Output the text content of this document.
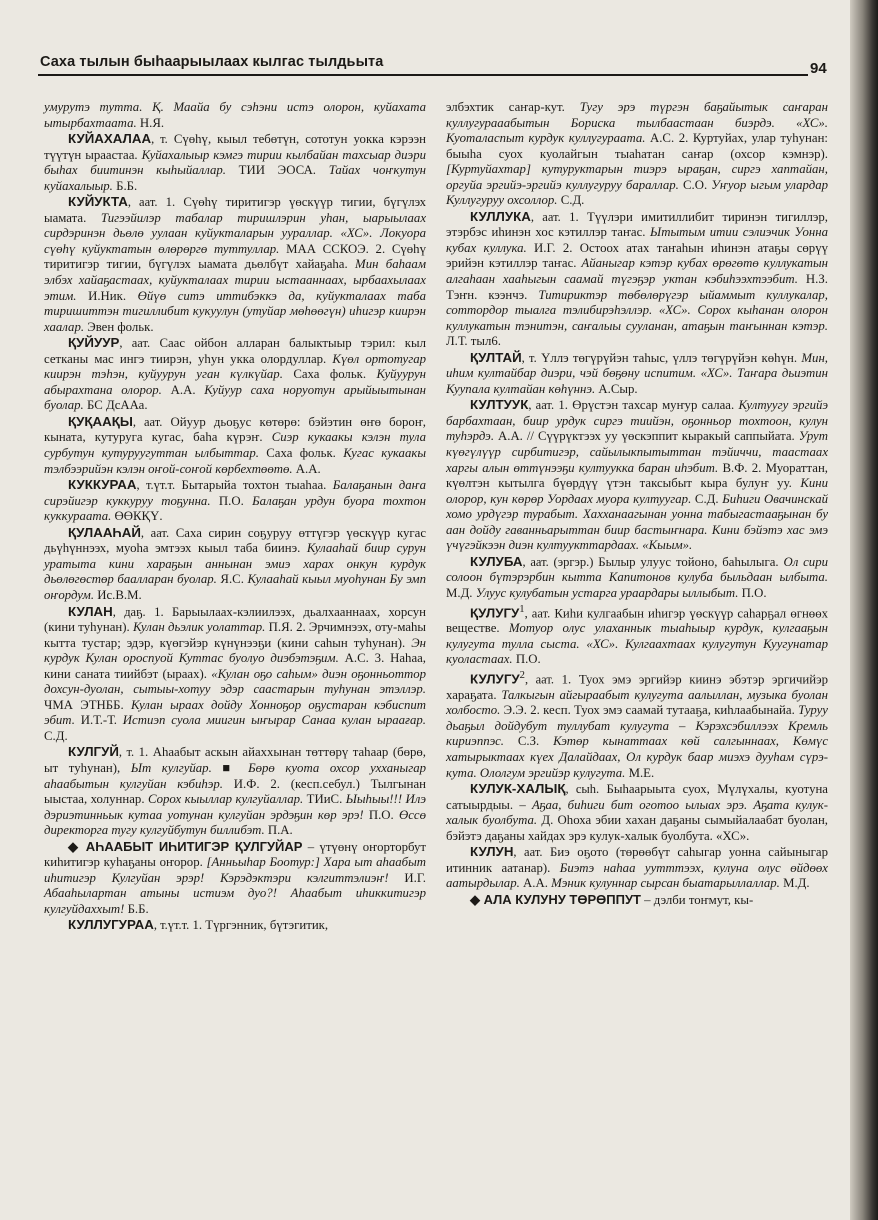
Саха тылын быһаарыылаах кылгас тылдьыта	94

умурутэ тутта. Қ. Маайа бу сэһэни истэ олорон, куйахата ытырбахтаата. Н.Я.

КУЙАХАЛАА, т. Сүөһү, кыыл тебөтүн, сототун уокка кэрээн түүтүн ыраастаа. Куйахалыыр кэмгэ тирии кылбайан тахсыар диэри быһах биитинэн кыһыйаллар. ТИИ ЭОСА. Тайах чоҥкутун куйахалыыр. Б.Б.

КУЙУКТА, аат. 1. Сүөһү тиритигэр үөскүүр тигии, бүгүлэх ыамата. Тигээйилэр табалар тиришлэрин уһан, ыарыылаах сирдэринэн дьөлө уулаан куйукталарын уураллар. «ХС». Локуора сүөһү куйуктатын өлөрөргө туттуллар. МАА ССКОЭ. 2. Сүөһү тиритигэр тигии, бүгүлэх ыамата дьөлбүт хайаҕаһа. Мин баһаам элбэх хайаҕастаах, куйукталаах тирии ыстааннаах, ырбаахылаах этим. И.Ник. Өйүө ситэ иттибэккэ да, куйукталаах таба тиришиттэн тигиллибит кукуулун (утуйар мөһөөгүн) иһигэр киирэн хаалар. Эвен фольк.

ҚУЙУУР, аат. Саас ойбон алларан балыктыыр тэрил: кыл сетканы мас ингэ тиирэн, уһун укка олордуллар. Күөл ортотугар киирэн тэһэн, куйуурун уган күлкүйар. Саха фольк. Куйуурун абырахтана олорор. А.А. Куйуур саха норуотун арыйыытынан буолар. БС ДсААа.

ҚУҚААҚЫ, аат. Ойуур дьоҕус көтөрө: бэйэтин өҥө бороҥ, кыната, кутуруга кугас, баһа күрэҥ. Сиэр кукаакы кэлэн тула сурбутун кутуруугуттан ылбыттар. Саха фольк. Кугас кукаакы тэлбээрийэн кэлэн оҥой-соҥой көрбехтөөтө. А.А.

КУККУРАА, т.үт.т. Бытарыйа тохтон тыаһаа. Балаҕанын даҥа сирэйигэр куккуруу тоҕунна. П.О. Балаҕан урдун буора тохтон куккураата. ӨӨКҚҮ.

ҚУЛААҺАЙ, аат. Саха сирин соҕуруу өттүгэр үөскүүр кугас дьүһүннээх, муоһа эмтээх кыыл таба биинэ. Кулааһай биир сурун уратыта кини хараҕын аннынан эмиэ харах онкун курдук дьөлөгөстөр баалларан буолар. Я.С. Кулааһай кыыл муоһунан Бу эмп оҥордум. Ис.В.М.

КУЛАН, даҕ. 1. Барыылаах-кэлиилээх, дьалхааннаах, хорсун (кини туһунан). Кулан дьэлик уолаттар. П.Я. 2. Эрчимнээх, оту-маһы кытта тустар; эдэр, күөгэйэр күнүнээҕи (кини саһын туһунан). Эн курдук Кулан ороспуой Куттас буолуо диэбэтэҕим. А.С. 3. Наһаа, кини саната тиийбэт (ыраах). «Кулан оҕо саһым» диэн оҕонньоттор дохсун-дуолан, сытыы-хотуу эдэр саастарын туһунан этэллэр. ЧМА ЭТНББ. Кулан ыраах дойду Хонноҕор оҕустаран кэбиспит эбит. И.Т.-Т. Истиэп суола миигин ыҥырар Санаа кулан ыраағар. С.Д.

КУЛГУЙ, т. 1. Аһаабыт аскын айаххынан төттөрү таһаар (бөрө, ыт туһунан), Ыт кулгуйар. ■ Бөрө куота охсор ухханыгар аһаабытын кулгуйан кэбиһэр. И.Ф. 2. (кесп.себул.) Тылгынан ыыстаа, холуннар. Сорох кыыллар кулгуйаллар. ТИиС. Ыыһыы!!! Илэ дэриэтинньык кутаа уотунан кулгуйан эрдэҕин көр эрэ! П.О. Өссө директорга тугу кулгуйбутун биллибэт. П.А.

◆ АҺААБЫТ ИҺИТИГЭР ҚУЛГУЙАР – үтүөнү оҥорторбут киһитигэр куһаҕаны оҥорор. [Анньыһар Боотур:] Хара ыт аһаабыт иһитигэр Кулгуйан эрэр! Кэрэдэктэри кэлгиттэлиэҥ! И.Г. Абааһылартан атыны истиэм дуо?! Аһаабыт иһиккитигэр кулгуйдаххыт! Б.Б.

КУЛЛУГУРАА, т.үт.т. 1. Түргэнник, бүтэгитик,

элбэхтик саҥар-кут. Тугу эрэ түргэн баҕайытык саҥаран куллугурааабытын Бориска тылбаастаан биэрдэ. «ХС». Куоталаспыт курдук куллугураата. А.С. 2. Куртуйах, улар туһунан: быыһа суох куолайгын тыаһатан саҥар (охсор кэмнэр). [Куртуйахтар] кутуруктарын тиэрэ ыраҕан, сиргэ хаптайан, оргуйа эргийэ-эргийэ куллугуруу бараллар. С.О. Уҥуор ыгым улардар Куллугуруу охсоллор. С.Д.

КУЛЛУКА, аат. 1. Түүлэри имитиллибит тиринэн тигиллэр, этэрбэс иһинэн хос кэтиллэр таҥас. Ытытым итии сэлиэчик Уонна кубах куллука. И.Г. 2. Остоох атах таҥаһын иһинэн атаҕы сөрүү эрийэн кэтиллэр таҥас. Айаныгар кэтэр кубах өрөгөтө куллукатын алгаһаан хааһыгын саамай түгэҕэр уктан кэбиһээхтээбит. Н.З. Тэҥн. кээнчэ. Титириктэр төбөлөрүгэр ыйаммыт куллукалар, соттордор тыалга тэлибирэһэллэр. «ХС». Сорох кыһанан олорон куллукатын тэнитэн, саҥалыы сууланан, атаҕын таҥыннан кэтэр. Л.Т. тыл6.

ҚУЛТАЙ, т. Үллэ төгүрүйэн таһыс, үллэ төгүрүйэн көһүн. Мин, иһим култайбар диэри, чэй бөҕөну испитим. «ХС». Таҥара дьиэтин Куупала култайан көһүннэ. А.Сыр.

КУЛТУУК, аат. 1. Өрүстэн тахсар муҥур салаа. Култуугу эргийэ барбахтаан, биир урдук сиргэ тиийэн, оҕонньор тохтоон, кулун туһэрдэ. А.А. // Сүүрүктээх уу үөскэппит кыракый саппыйата. Урут күөгүлүүр сирбитигэр, сайылыкпытыттан тэйиччи, таастаах харгы алын өттүнээҕи култуукка баран иһэбит. В.Ф. 2. Муораттан, күөлтэн кытылга бүөрдүү үтэн таксыбыт кыра булуҥ уу. Кини олорор, кун көрөр Уордаах муора култуугар. С.Д. Биһиги Овачинскай хомо урдүгэр турабыт. Хахханаагынан уонна табыгастааҕынан бу аан дойду гаванньарыттан биир бастыҥнара. Кини бэйэтэ хас эмэ үчүгэйкээн диэн култуукттардаах. «Кыым».

КУЛУБА, аат. (эргэр.) Былыр улуус тойоно, баһылыга. Ол сири солоон бүтэрэрбин кытта Капитонов кулуба быльдаан ылбыта. М.Д. Улуус кулубатын устарга ураардары ыллыбыт. П.О.

ҚУЛУГУ$^1$, аат. Киһи кулгаабын иһигэр үөскүүр саһарҕал өгнөөх веществе. Мотуор олус улаханнык тыаһыыр курдук, кулгааҕын кулугута тулла сыста. «ХС». Кулгаахтаах кулугутун Куугунатар куолаcтаах. П.О.

КУЛУГУ$^2$, аат. 1. Туох эмэ эргийэр киинэ эбэтэр эргичийэр хараҕата. Талкыгын айгыраабыт кулугута аалыллан, музыка буолан холбосто. Э.Э. 2. кесп. Туох эмэ саамай тутааҕа, киһлаабынайа. Туруу дьаҕыл дойдубут туллубат кулугута – Кэрэхсэбиллээх Кремль кириэппэс. С.З. Кэтөр кынаттаах көй салгыннаах, Көмүс хатырыктаах күех Далайдаах, Ол курдук баар миэхэ дууһам сүрэ-кута. Ололгум эргийэр кулугута. М.Е.

КУЛУК-ХАЛЫҚ, сыһ. Быһаарыыта суох, Мүлүхалы, куотуна сатыырдыы. – Аҕаа, биһиги бит оготоо ылыах эрэ. Аҕата кулук-халык буолбута. Д. Оһоха эбии хахан даҕаны сымыйалаабат буолан, бэйэтэ даҕаны хайдах эрэ кулук-халык буолбута. «ХС».

КУЛУН, аат. Биэ оҕото (төрөөбүт саһыгар уонна сайыныгар итинник аатанар). Биэтэ наһаа уутттээх, кулуна олус өйдөөх аатырдылар. А.А. Мэник кулуннар сырсан быатарыллаллар. М.Д.

◆ АЛА КУЛУНУ ТӨРӨППУТ – дэлби тоҥмут, кы-
